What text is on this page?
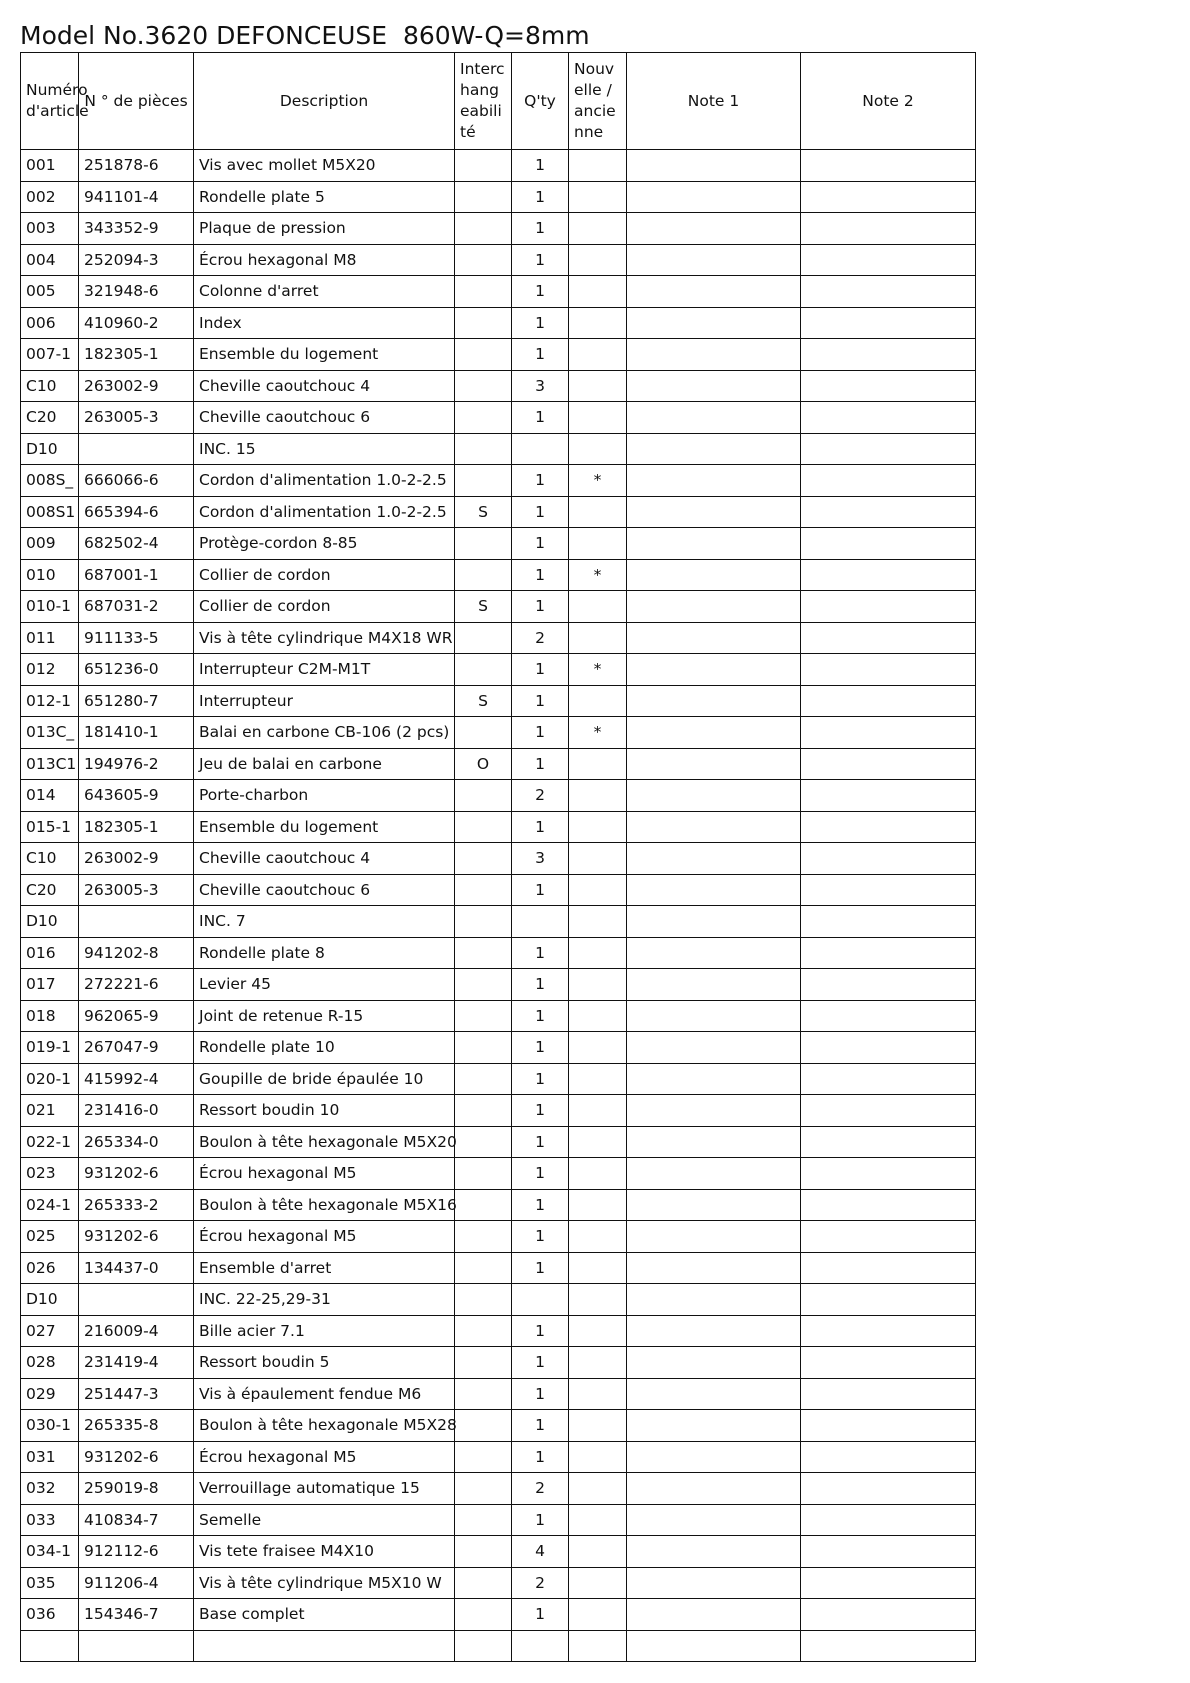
Model No.3620 DEFONCEUSE  860W-Q=8mm
Numéro d'article	N ° de pièces	Description	Interchangeabilité	Q'ty	Nouvelle / ancienne	Note 1	Note 2
001	251878-6	Vis avec mollet M5X20		1			
002	941101-4	Rondelle plate 5		1			
003	343352-9	Plaque de pression		1			
004	252094-3	Écrou hexagonal M8		1			
005	321948-6	Colonne d'arret		1			
006	410960-2	Index		1			
007-1	182305-1	Ensemble du logement		1			
C10	263002-9	Cheville caoutchouc 4		3			
C20	263005-3	Cheville caoutchouc 6		1			
D10		INC. 15					
008S_	666066-6	Cordon d'alimentation 1.0-2-2.5		1	*		
008S1	665394-6	Cordon d'alimentation 1.0-2-2.5	S	1			
009	682502-4	Protège-cordon 8-85		1			
010	687001-1	Collier de cordon		1	*		
010-1	687031-2	Collier de cordon	S	1			
011	911133-5	Vis à tête cylindrique M4X18 WR		2			
012	651236-0	Interrupteur C2M-M1T		1	*		
012-1	651280-7	Interrupteur	S	1			
013C_	181410-1	Balai en carbone CB-106 (2 pcs)		1	*		
013C1	194976-2	Jeu de balai en carbone	O	1			
014	643605-9	Porte-charbon		2			
015-1	182305-1	Ensemble du logement		1			
C10	263002-9	Cheville caoutchouc 4		3			
C20	263005-3	Cheville caoutchouc 6		1			
D10		INC. 7					
016	941202-8	Rondelle plate 8		1			
017	272221-6	Levier 45		1			
018	962065-9	Joint de retenue R-15		1			
019-1	267047-9	Rondelle plate 10		1			
020-1	415992-4	Goupille de bride épaulée 10		1			
021	231416-0	Ressort boudin 10		1			
022-1	265334-0	Boulon à tête hexagonale M5X20		1			
023	931202-6	Écrou hexagonal M5		1			
024-1	265333-2	Boulon à tête hexagonale M5X16		1			
025	931202-6	Écrou hexagonal M5		1			
026	134437-0	Ensemble d'arret		1			
D10		INC. 22-25,29-31					
027	216009-4	Bille acier 7.1		1			
028	231419-4	Ressort boudin 5		1			
029	251447-3	Vis à épaulement fendue M6		1			
030-1	265335-8	Boulon à tête hexagonale M5X28		1			
031	931202-6	Écrou hexagonal M5		1			
032	259019-8	Verrouillage automatique 15		2			
033	410834-7	Semelle		1			
034-1	912112-6	Vis tete fraisee M4X10		4			
035	911206-4	Vis à tête cylindrique M5X10 W		2			
036	154346-7	Base complet		1			
